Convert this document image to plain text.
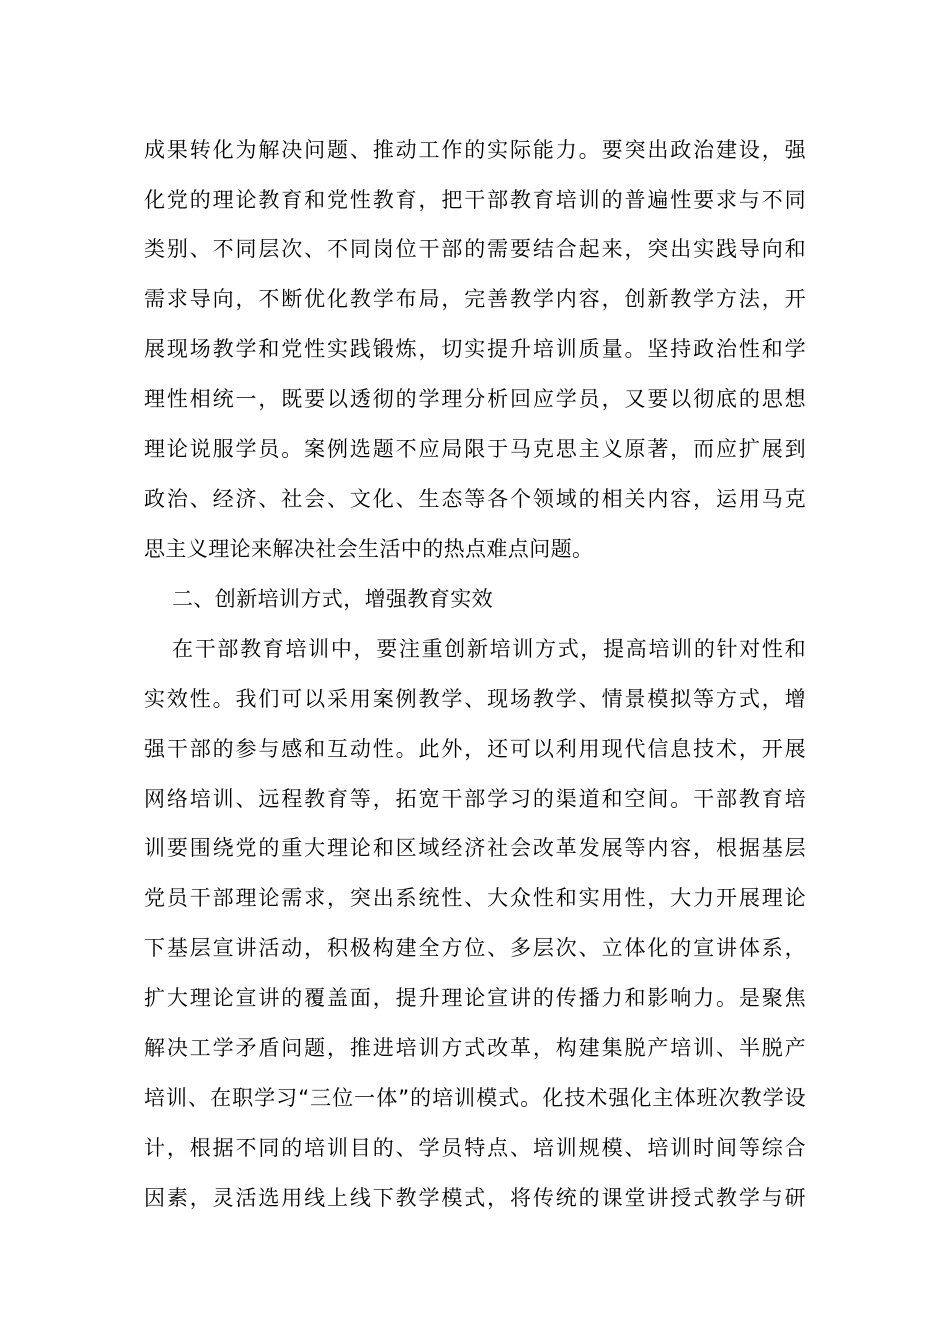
成果转化为解决问题、推动工作的实际能力。要突出政治建设，强
化党的理论教育和党性教育，把干部教育培训的普遍性要求与不同
类别、不同层次、不同岗位干部的需要结合起来，突出实践导向和
需求导向，不断优化教学布局，完善教学内容，创新教学方法，开
展现场教学和党性实践锻炼，切实提升培训质量。坚持政治性和学
理性相统一，既要以透彻的学理分析回应学员，又要以彻底的思想
理论说服学员。案例选题不应局限于马克思主义原著，而应扩展到
政治、经济、社会、文化、生态等各个领域的相关内容，运用马克
思主义理论来解决社会生活中的热点难点问题。
二、创新培训方式，增强教育实效
在干部教育培训中，要注重创新培训方式，提高培训的针对性和
实效性。我们可以采用案例教学、现场教学、情景模拟等方式，增
强干部的参与感和互动性。此外，还可以利用现代信息技术，开展
网络培训、远程教育等，拓宽干部学习的渠道和空间。干部教育培
训要围绕党的重大理论和区域经济社会改革发展等内容，根据基层
党员干部理论需求，突出系统性、大众性和实用性，大力开展理论
下基层宣讲活动，积极构建全方位、多层次、立体化的宣讲体系，
扩大理论宣讲的覆盖面，提升理论宣讲的传播力和影响力。是聚焦
解决工学矛盾问题，推进培训方式改革，构建集脱产培训、半脱产
培训、在职学习“三位一体”的培训模式。化技术强化主体班次教学设
计，根据不同的培训目的、学员特点、培训规模、培训时间等综合
因素，灵活选用线上线下教学模式，将传统的课堂讲授式教学与研
